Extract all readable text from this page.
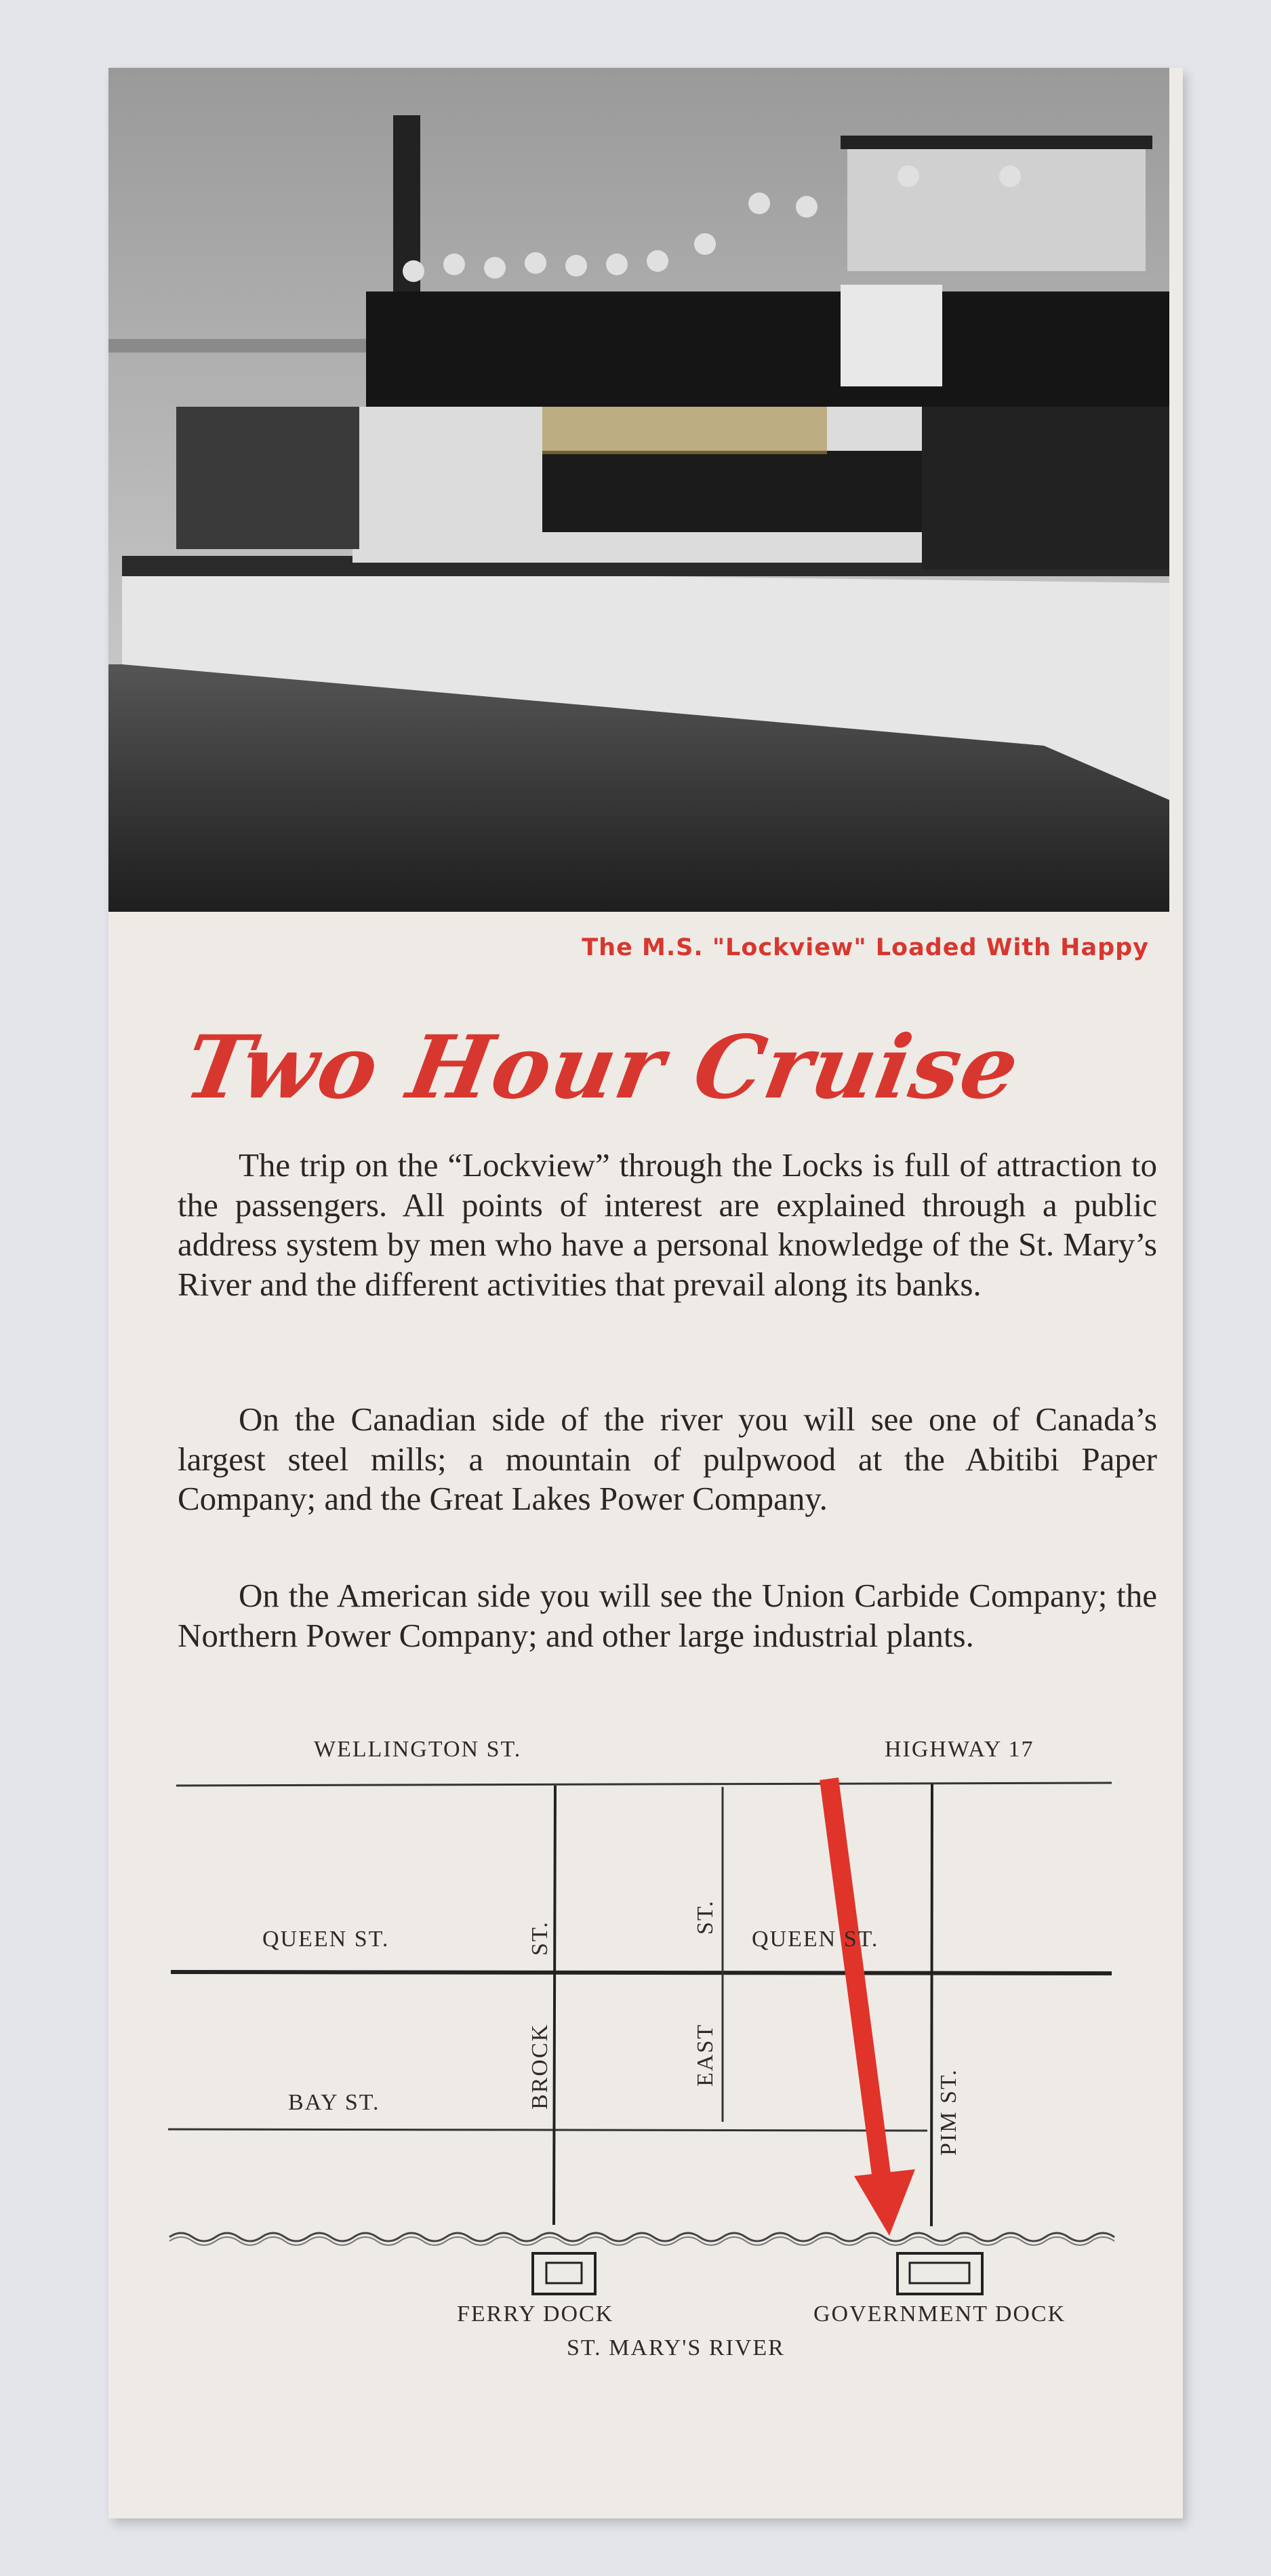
The M.S. "Lockview" Loaded With Happy
Two Hour Cruise

The trip on the “Lockview” through the Locks is full of attraction to the passengers. All points of interest are explained through a public address system by men who have a personal knowledge of the St. Mary’s River and the different activities that prevail along its banks.

On the Canadian side of the river you will see one of Canada’s largest steel mills; a mountain of pulpwood at the Abitibi Paper Company; and the Great Lakes Power Company.

On the American side you will see the Union Carbide Company; the Northern Power Company; and other large industrial plants.

WELLINGTON ST.	HIGHWAY 17
QUEEN ST.	QUEEN ST.
BAY ST.
ST.
BROCK
ST.
EAST
PIM ST.
FERRY DOCK	GOVERNMENT DOCK
ST. MARY'S RIVER
